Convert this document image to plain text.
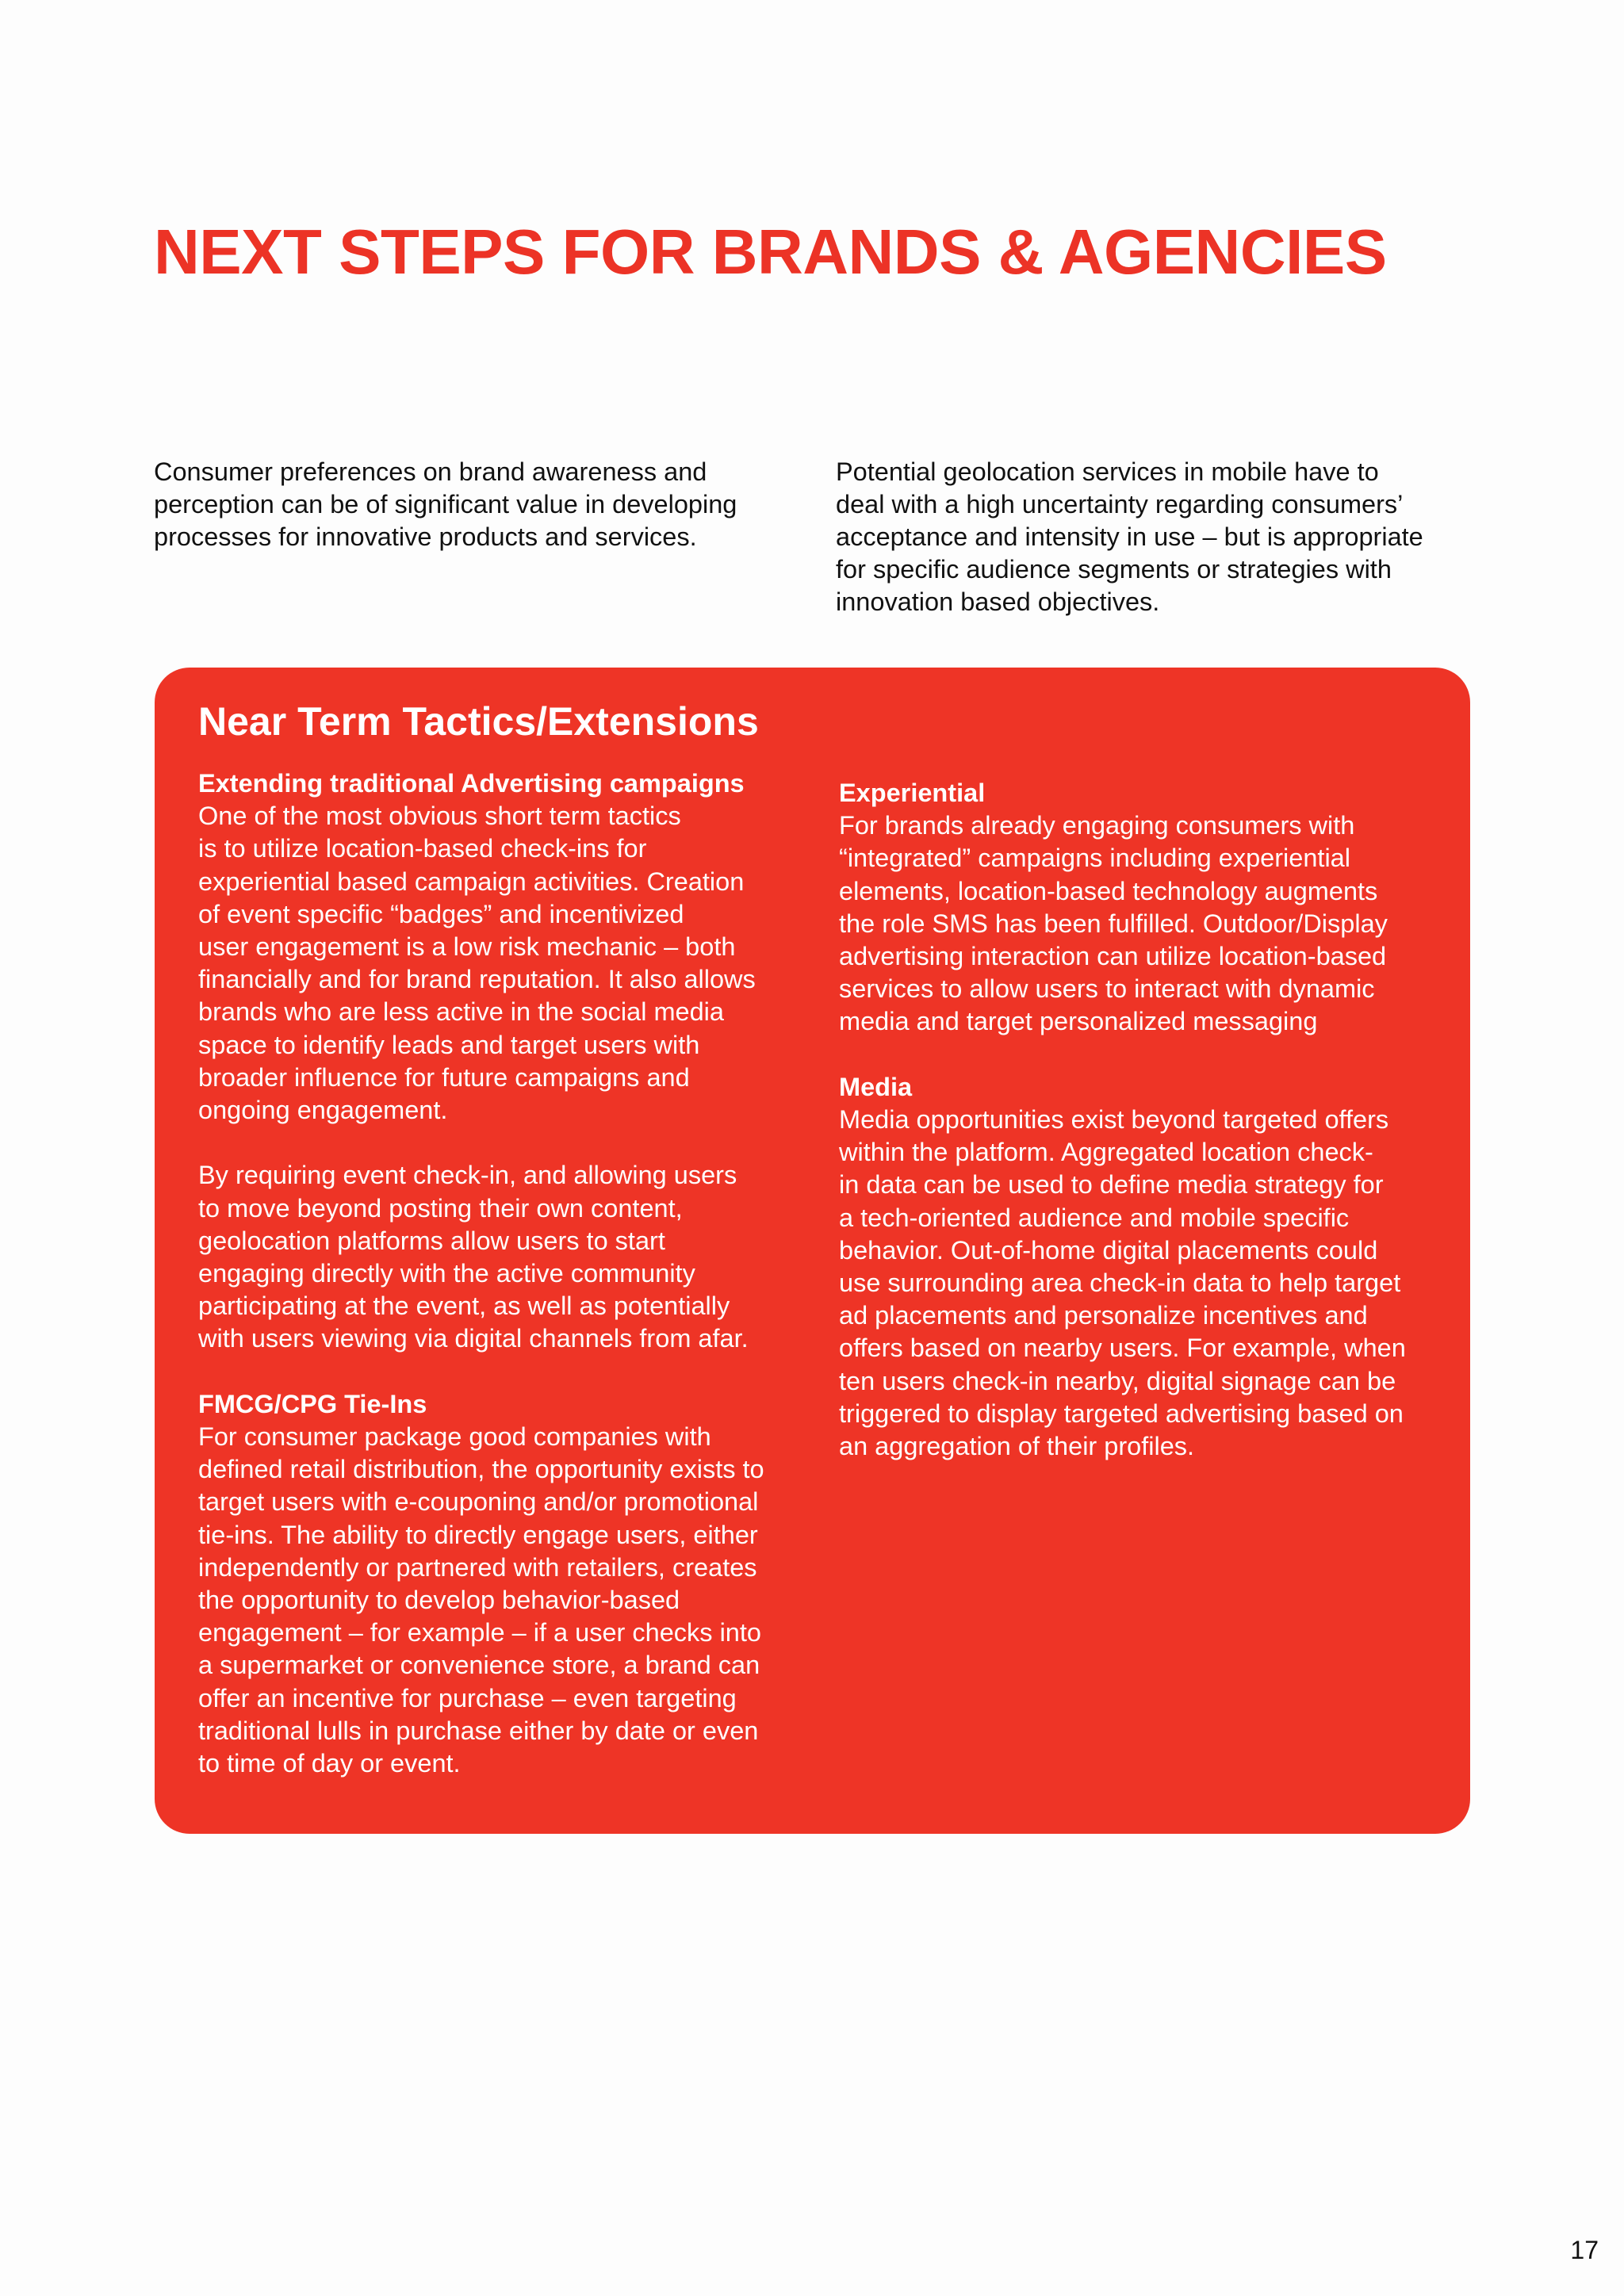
NEXT STEPS FOR BRANDS & AGENCIES

Consumer preferences on brand awareness and
perception can be of significant value in developing
processes for innovative products and services.

Potential geolocation services in mobile have to
deal with a high uncertainty regarding consumers’
acceptance and intensity in use – but is appropriate
for specific audience segments or strategies with
innovation based objectives.

Near Term Tactics/Extensions
Extending traditional Advertising campaigns
One of the most obvious short term tactics
is to utilize location-based check-ins for
experiential based campaign activities. Creation
of event specific “badges” and incentivized
user engagement is a low risk mechanic – both
financially and for brand reputation. It also allows
brands who are less active in the social media
space to identify leads and target users with
broader influence for future campaigns and
ongoing engagement.
By requiring event check-in, and allowing users
to move beyond posting their own content,
geolocation platforms allow users to start
engaging directly with the active community
participating at the event, as well as potentially
with users viewing via digital channels from afar.
FMCG/CPG Tie-Ins
For consumer package good companies with
defined retail distribution, the opportunity exists to
target users with e-couponing and/or promotional
tie-ins. The ability to directly engage users, either
independently or partnered with retailers, creates
the opportunity to develop behavior-based
engagement – for example – if a user checks into
a supermarket or convenience store, a brand can
offer an incentive for purchase – even targeting
traditional lulls in purchase either by date or even
to time of day or event.
Experiential
For brands already engaging consumers with
“integrated” campaigns including experiential
elements, location-based technology augments
the role SMS has been fulfilled. Outdoor/Display
advertising interaction can utilize location-based
services to allow users to interact with dynamic
media and target personalized messaging
Media
Media opportunities exist beyond targeted offers
within the platform. Aggregated location check-
in data can be used to define media strategy for
a tech-oriented audience and mobile specific
behavior. Out-of-home digital placements could
use surrounding area check-in data to help target
ad placements and personalize incentives and
offers based on nearby users. For example, when
ten users check-in nearby, digital signage can be
triggered to display targeted advertising based on
an aggregation of their profiles.
17
